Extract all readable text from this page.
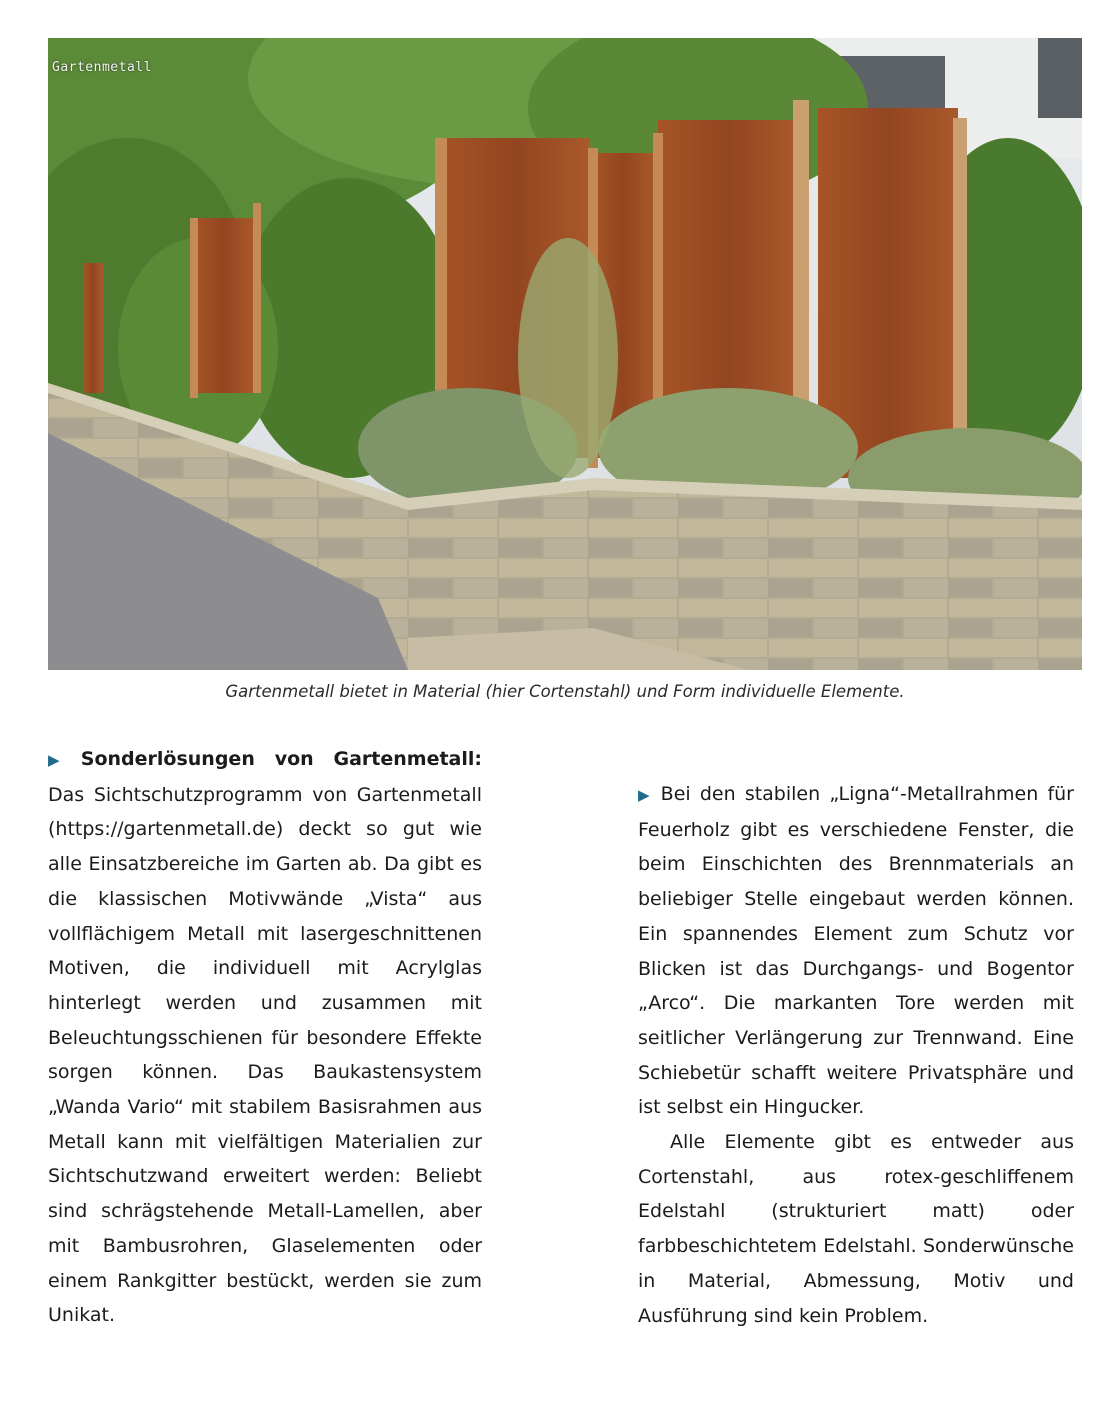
Gartenmetall
Gartenmetall bietet in Material (hier Cortenstahl) und Form individuelle Elemente.

▶ Sonderlösungen von Gartenmetall: Das Sichtschutzprogramm von Gartenmetall (https://gartenmetall.de) deckt so gut wie alle Einsatzbereiche im Garten ab. Da gibt es die klassischen Motivwände „Vista“ aus vollflächigem Metall mit lasergeschnittenen Motiven, die individuell mit Acrylglas hinterlegt werden und zusammen mit Beleuchtungsschienen für besondere Effekte sorgen können. Das Baukastensystem „Wanda Vario“ mit stabilem Basisrahmen aus Metall kann mit vielfältigen Materialien zur Sichtschutzwand erweitert werden: Beliebt sind schrägstehende Metall-Lamellen, aber mit Bambusrohren, Glaselementen oder einem Rankgitter bestückt, werden sie zum Unikat.

▶ Bei den stabilen „Ligna“-Metallrahmen für Feuerholz gibt es verschiedene Fenster, die beim Einschichten des Brennmaterials an beliebiger Stelle eingebaut werden können. Ein spannendes Element zum Schutz vor Blicken ist das Durchgangs- und Bogentor „Arco“. Die markanten Tore werden mit seitlicher Verlängerung zur Trennwand. Eine Schiebetür schafft weitere Privatsphäre und ist selbst ein Hingucker.

Alle Elemente gibt es entweder aus Cortenstahl, aus rotex-geschliffenem Edelstahl (strukturiert matt) oder farbbeschichtetem Edelstahl. Sonderwünsche in Material, Abmessung, Motiv und Ausführung sind kein Problem.
